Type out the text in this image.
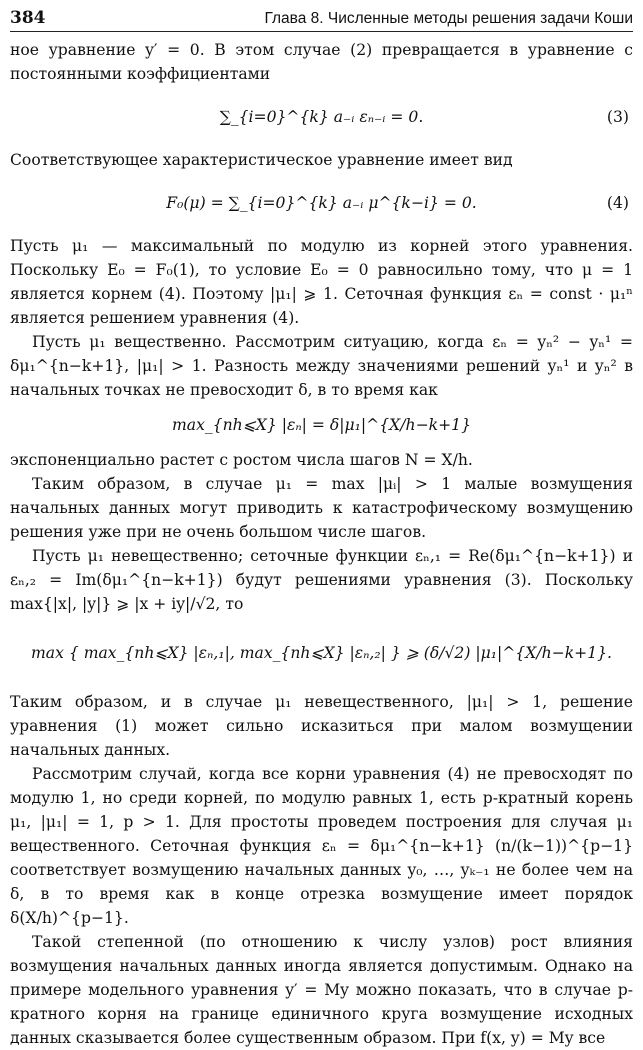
384	Глава 8. Численные методы решения задачи Коши

ное уравнение y′ = 0. В этом случае (2) превращается в уравнение с постоянными коэффициентами

∑_{i=0}^{k} a₋ᵢ εₙ₋ᵢ = 0.	(3)

Соответствующее характеристическое уравнение имеет вид

F₀(μ) = ∑_{i=0}^{k} a₋ᵢ μ^{k−i} = 0.	(4)

Пусть μ₁ — максимальный по модулю из корней этого уравнения. Поскольку E₀ = F₀(1), то условие E₀ = 0 равносильно тому, что μ = 1 является корнем (4). Поэтому |μ₁| ⩾ 1. Сеточная функция εₙ = const · μ₁ⁿ является решением уравнения (4).

Пусть μ₁ вещественно. Рассмотрим ситуацию, когда εₙ = yₙ² − yₙ¹ = δμ₁^{n−k+1}, |μ₁| > 1. Разность между значениями решений yₙ¹ и yₙ² в начальных точках не превосходит δ, в то время как

max_{nh⩽X} |εₙ| = δ|μ₁|^{X/h−k+1}

экспоненциально растет с ростом числа шагов N = X/h.

Таким образом, в случае μ₁ = max |μᵢ| > 1 малые возмущения начальных данных могут приводить к катастрофическому возмущению решения уже при не очень большом числе шагов.

Пусть μ₁ невещественно; сеточные функции εₙ,₁ = Re(δμ₁^{n−k+1}) и εₙ,₂ = Im(δμ₁^{n−k+1}) будут решениями уравнения (3). Поскольку max{|x|, |y|} ⩾ |x + iy|/√2, то

max { max_{nh⩽X} |εₙ,₁|, max_{nh⩽X} |εₙ,₂| } ⩾ (δ/√2) |μ₁|^{X/h−k+1}.

Таким образом, и в случае μ₁ невещественного, |μ₁| > 1, решение уравнения (1) может сильно исказиться при малом возмущении начальных данных.

Рассмотрим случай, когда все корни уравнения (4) не превосходят по модулю 1, но среди корней, по модулю равных 1, есть p-кратный корень μ₁, |μ₁| = 1, p > 1. Для простоты проведем построения для случая μ₁ вещественного. Сеточная функция εₙ = δμ₁^{n−k+1} (n/(k−1))^{p−1} соответствует возмущению начальных данных y₀, …, yₖ₋₁ не более чем на δ, в то время как в конце отрезка возмущение имеет порядок δ(X/h)^{p−1}.

Такой степенной (по отношению к числу узлов) рост влияния возмущения начальных данных иногда является допустимым. Однако на примере модельного уравнения y′ = My можно показать, что в случае p-кратного корня на границе единичного круга возмущение исходных данных сказывается более существенным образом. При f(x, y) = My все
